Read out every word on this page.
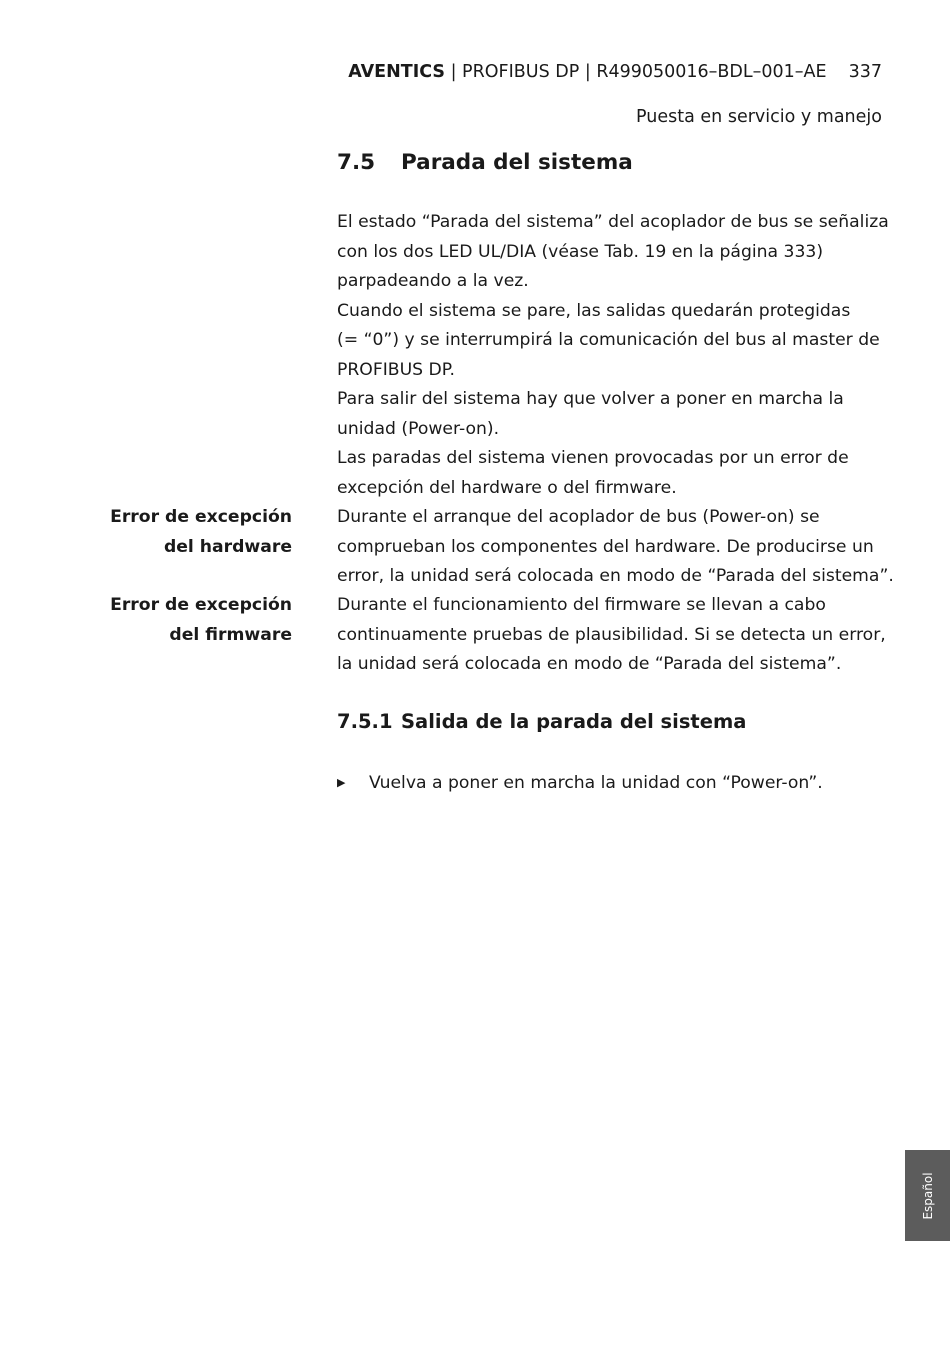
AVENTICS | PROFIBUS DP | R499050016–BDL–001–AE 337
Puesta en servicio y manejo
7.5 Parada del sistema

El estado “Parada del sistema” del acoplador de bus se señaliza

con los dos LED UL/DIA (véase Tab. 19 en la página 333)

parpadeando a la vez.

Cuando el sistema se pare, las salidas quedarán protegidas

(= “0”) y se interrumpirá la comunicación del bus al master de

PROFIBUS DP.

Para salir del sistema hay que volver a poner en marcha la

unidad (Power-on).

Las paradas del sistema vienen provocadas por un error de

excepción del hardware o del firmware.

Error de excepción

del hardware

Durante el arranque del acoplador de bus (Power-on) se

comprueban los componentes del hardware. De producirse un

error, la unidad será colocada en modo de “Parada del sistema”.

Error de excepción

del firmware

Durante el funcionamiento del firmware se llevan a cabo

continuamente pruebas de plausibilidad. Si se detecta un error,

la unidad será colocada en modo de “Parada del sistema”.

7.5.1 Salida de la parada del sistema
▶ Vuelva a poner en marcha la unidad con “Power-on”.
Español
